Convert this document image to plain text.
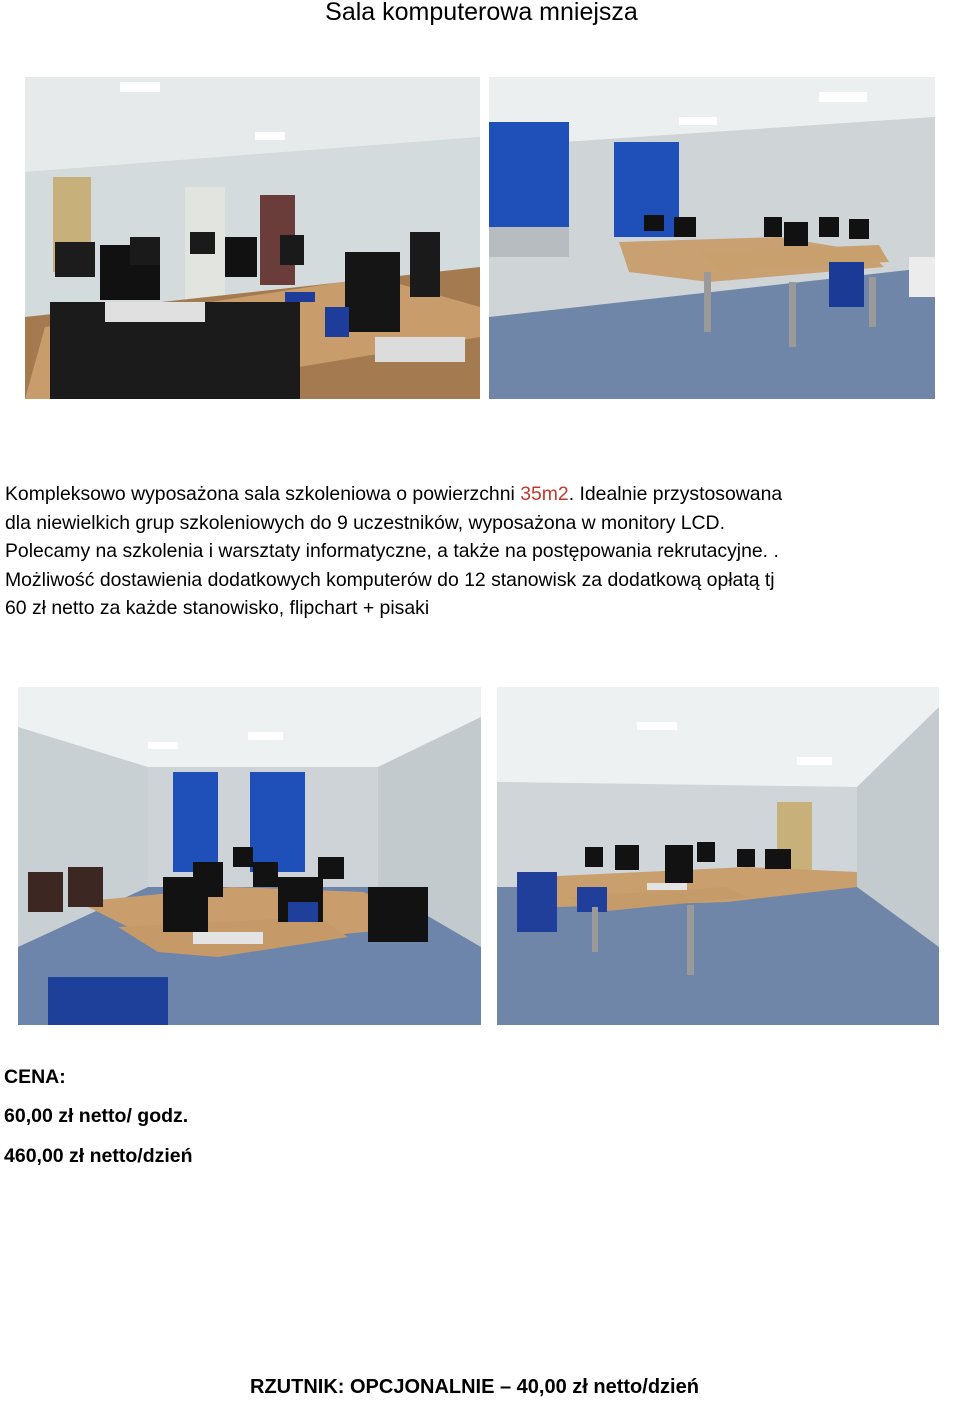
Sala komputerowa mniejsza

Kompleksowo wyposażona sala szkoleniowa o powierzchni 35m2. Idealnie przystosowana
dla niewielkich grup szkoleniowych do 9 uczestników, wyposażona w monitory LCD.
Polecamy na szkolenia i warsztaty informatyczne, a także na postępowania rekrutacyjne. .
Możliwość dostawienia dodatkowych komputerów do 12 stanowisk za dodatkową opłatą tj
60 zł netto za każde stanowisko, flipchart + pisaki

CENA:

60,00 zł netto/ godz.

460,00 zł netto/dzień

RZUTNIK: OPCJONALNIE – 40,00 zł netto/dzień
